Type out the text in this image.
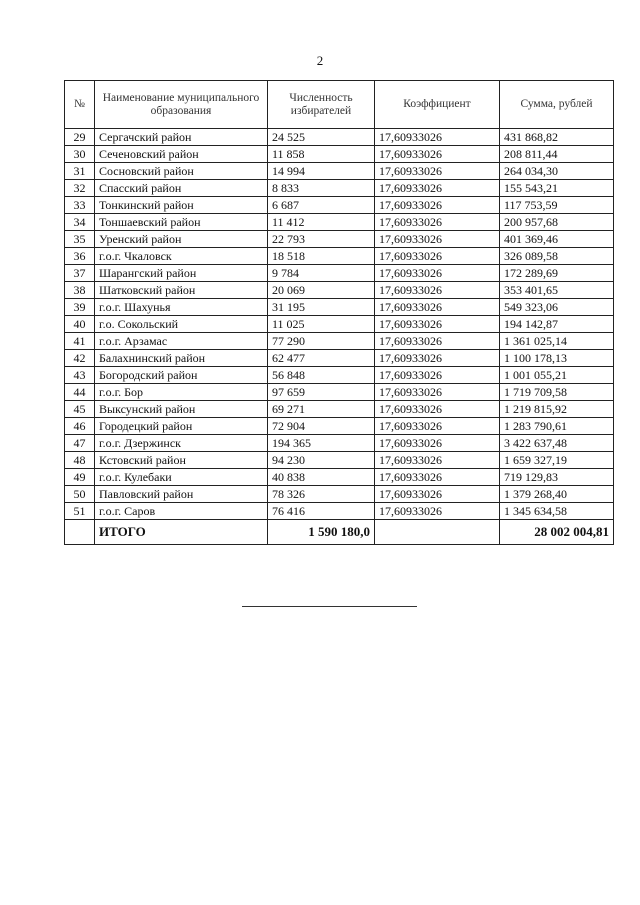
2
№	Наименование муниципального образования	Численность избирателей	Коэффициент	Сумма, рублей
29	Сергачский район	24 525	17,60933026	431 868,82
30	Сеченовский район	11 858	17,60933026	208 811,44
31	Сосновский район	14 994	17,60933026	264 034,30
32	Спасский район	8 833	17,60933026	155 543,21
33	Тонкинский район	6 687	17,60933026	117 753,59
34	Тоншаевский район	11 412	17,60933026	200 957,68
35	Уренский район	22 793	17,60933026	401 369,46
36	г.о.г. Чкаловск	18 518	17,60933026	326 089,58
37	Шарангский район	9 784	17,60933026	172 289,69
38	Шатковский район	20 069	17,60933026	353 401,65
39	г.о.г. Шахунья	31 195	17,60933026	549 323,06
40	г.о. Сокольский	11 025	17,60933026	194 142,87
41	г.о.г. Арзамас	77 290	17,60933026	1 361 025,14
42	Балахнинский район	62 477	17,60933026	1 100 178,13
43	Богородский район	56 848	17,60933026	1 001 055,21
44	г.о.г. Бор	97 659	17,60933026	1 719 709,58
45	Выксунский район	69 271	17,60933026	1 219 815,92
46	Городецкий район	72 904	17,60933026	1 283 790,61
47	г.о.г. Дзержинск	194 365	17,60933026	3 422 637,48
48	Кстовский район	94 230	17,60933026	1 659 327,19
49	г.о.г. Кулебаки	40 838	17,60933026	719 129,83
50	Павловский район	78 326	17,60933026	1 379 268,40
51	г.о.г. Саров	76 416	17,60933026	1 345 634,58
	ИТОГО	1 590 180,0		28 002 004,81
